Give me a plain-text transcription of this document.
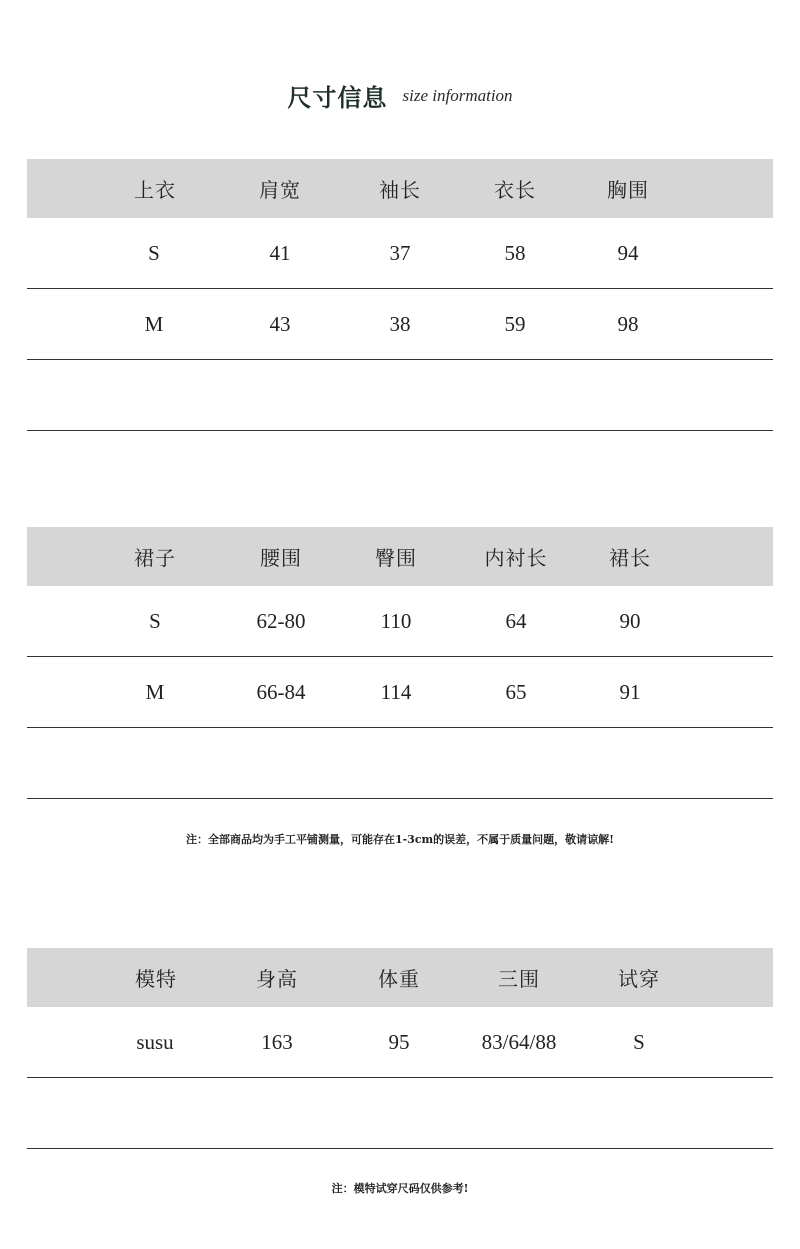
尺寸信息 size information
上衣	肩宽	袖长	衣长	胸围
S	41	37	58	94
M	43	38	59	98
裙子	腰围	臀围	内衬长	裙长
S	62-80	110	64	90
M	66-84	114	65	91
注：全部商品均为手工平铺测量，可能存在1-3cm的误差，不属于质量问题，敬请谅解!
模特	身高	体重	三围	试穿
susu	163	95	83/64/88	S
注：模特试穿尺码仅供参考!
